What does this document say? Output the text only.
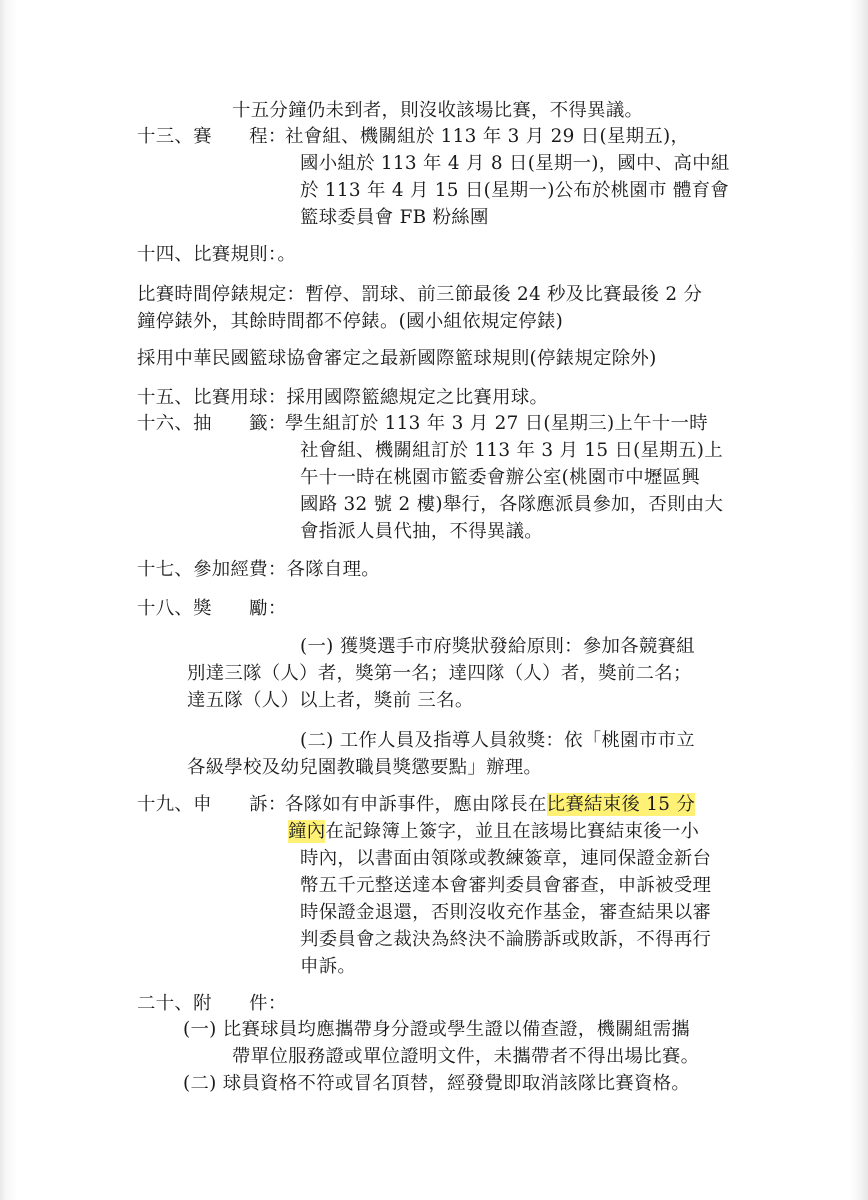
十五分鐘仍未到者，則沒收該場比賽，不得異議。
十三、賽　　程：
社會組、機關組於 113 年 3 月 29 日(星期五)，
國小組於 113 年 4 月 8 日(星期一)，國中、高中組
於 113 年 4 月 15 日(星期一)公布於桃園市 體育會
籃球委員會 FB 粉絲團
十四、比賽規則：。
比賽時間停錶規定：暫停、罰球、前三節最後 24 秒及比賽最後 2 分
鐘停錶外，其餘時間都不停錶。(國小組依規定停錶)
採用中華民國籃球協會審定之最新國際籃球規則(停錶規定除外)
十五、比賽用球：採用國際籃總規定之比賽用球。
十六、抽　　籤：
學生組訂於 113 年 3 月 27 日(星期三)上午十一時
社會組、機關組訂於 113 年 3 月 15 日(星期五)上
午十一時在桃園市籃委會辦公室(桃園市中壢區興
國路 32 號 2 樓)舉行，各隊應派員參加，否則由大
會指派人員代抽，不得異議。
十七、參加經費：各隊自理。
十八、獎　　勵：
(一) 獲獎選手市府獎狀發給原則：參加各競賽組
別達三隊（人）者，獎第一名；達四隊（人）者，獎前二名；
達五隊（人）以上者，獎前 三名。
(二) 工作人員及指導人員敘獎：依「桃園市市立
各級學校及幼兒園教職員獎懲要點」辦理。
十九、申　　訴：
各隊如有申訴事件，應由隊長在比賽結束後 15 分
鐘內在記錄簿上簽字，並且在該場比賽結束後一小
時內，以書面由領隊或教練簽章，連同保證金新台
幣五千元整送達本會審判委員會審查，申訴被受理
時保證金退還，否則沒收充作基金，審查結果以審
判委員會之裁決為終決不論勝訴或敗訴，不得再行
申訴。
二十、附　　件：
(一) 比賽球員均應攜帶身分證或學生證以備查證，機關組需攜
帶單位服務證或單位證明文件，未攜帶者不得出場比賽。
(二) 球員資格不符或冒名頂替，經發覺即取消該隊比賽資格。
